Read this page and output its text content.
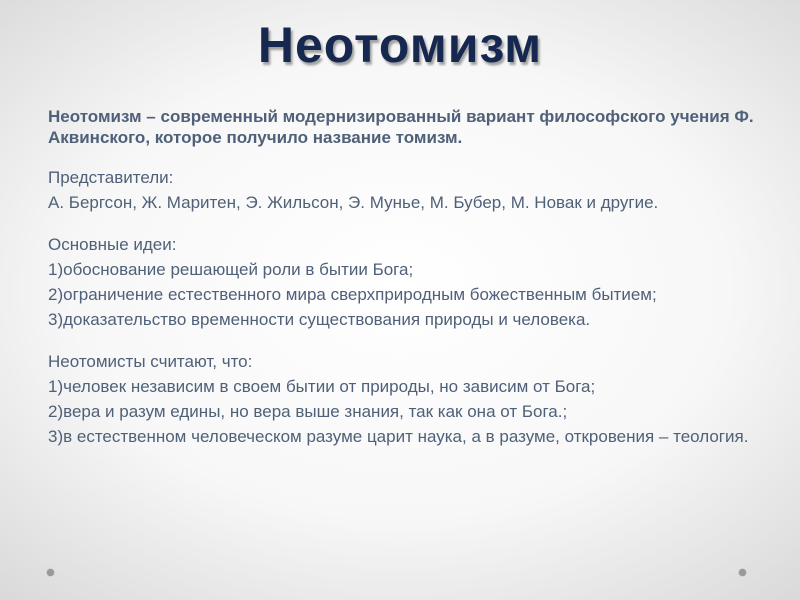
Неотомизм

Неотомизм – современный модернизированный вариант философского учения Ф. Аквинского, которое получило название томизм.

Представители:

А. Бергсон, Ж. Маритен, Э. Жильсон, Э. Мунье, М. Бубер, М. Новак и другие.

Основные идеи:

1)обоснование решающей роли в бытии Бога;

2)ограничение естественного мира сверхприродным божественным бытием;

3)доказательство временности существования природы и человека.

Неотомисты считают, что:

1)человек независим в своем бытии от природы, но зависим от Бога;

2)вера и разум едины, но вера выше знания, так как она от Бога.;

3)в естественном человеческом разуме царит наука, а в разуме, откровения – теология.
